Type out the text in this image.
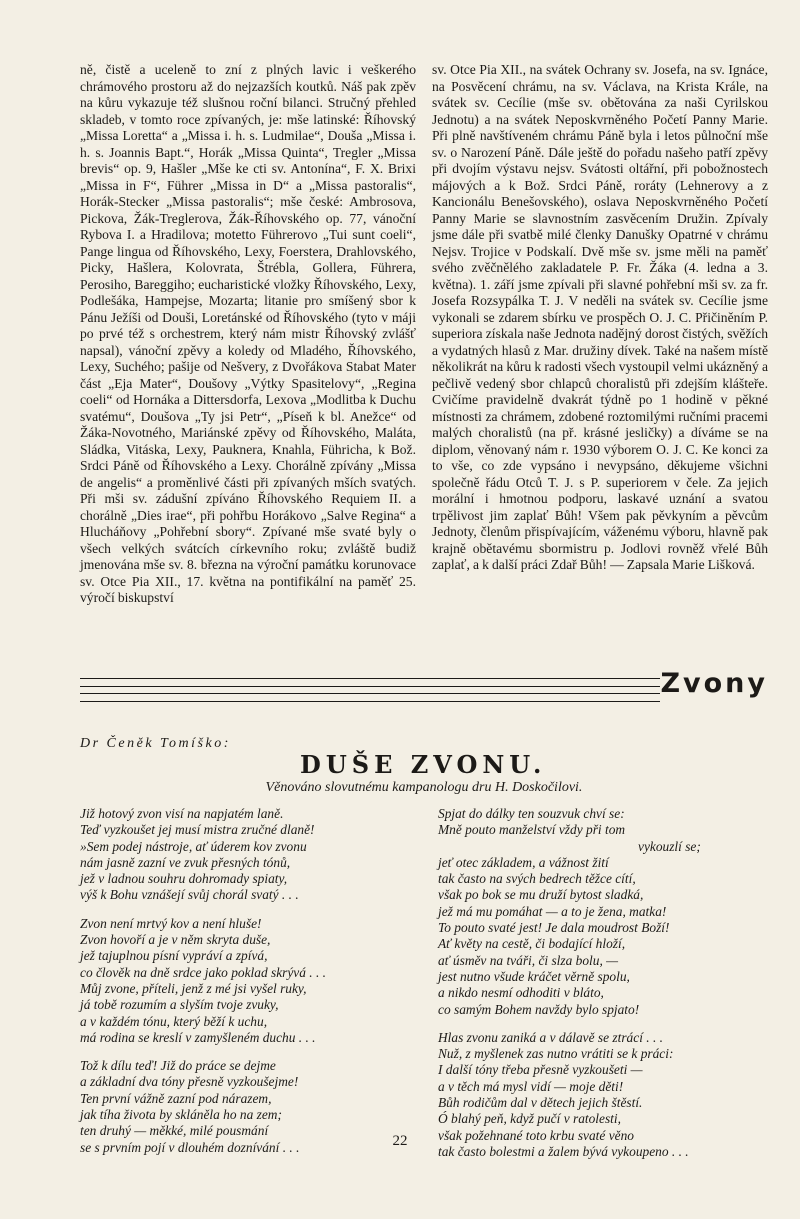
ně, čistě a uceleně to zní z plných lavic i veškerého chrámového prostoru až do nejzazších koutků. Náš pak zpěv na kůru vykazuje též slušnou roční bilanci. Stručný přehled skladeb, v tomto roce zpívaných, je: mše latinské: Říhovský „Missa Loretta“ a „Missa i. h. s. Ludmilae“, Douša „Missa i. h. s. Joannis Bapt.“, Horák „Missa Quinta“, Tregler „Missa brevis“ op. 9, Hašler „Mše ke cti sv. Antonína“, F. X. Brixi „Missa in F“, Führer „Missa in D“ a „Missa pastoralis“, Horák-Stecker „Missa pastoralis“; mše české: Ambrosova, Pickova, Žák-Treglerova, Žák-Říhovského op. 77, vánoční Rybova I. a Hradilova; motetto Führerovo „Tui sunt coeli“, Pange lingua od Říhovského, Lexy, Foerstera, Drahlovského, Picky, Hašlera, Kolovrata, Štrébla, Gollera, Führera, Perosiho, Bareggiho; eucharistické vložky Říhovského, Lexy, Podlešáka, Hampejse, Mozarta; litanie pro smíšený sbor k Pánu Ježíši od Douši, Loretánské od Říhovského (tyto v máji po prvé též s orchestrem, který nám mistr Říhovský zvlášť napsal), vánoční zpěvy a koledy od Mladého, Říhovského, Lexy, Suchého; pašije od Nešvery, z Dvořákova Stabat Mater část „Eja Mater“, Doušovy „Výtky Spasitelovy“, „Regina coeli“ od Hornáka a Dittersdorfa, Lexova „Modlitba k Duchu svatému“, Doušova „Ty jsi Petr“, „Píseň k bl. Anežce“ od Žáka-Novotného, Mariánské zpěvy od Říhovského, Maláta, Sládka, Vitáska, Lexy, Pauknera, Knahla, Führicha, k Bož. Srdci Páně od Říhovského a Lexy. Chorálně zpívány „Missa de angelis“ a proměnlivé části při zpívaných mších svatých. Při mši sv. zádušní zpíváno Říhovského Requiem II. a chorálně „Dies irae“, při pohřbu Horákovo „Salve Regina“ a Hlucháňovy „Pohřební sbory“. Zpívané mše svaté byly o všech velkých svátcích církevního roku; zvláště budiž jmenována mše sv. 8. března na výroční památku korunovace sv. Otce Pia XII., 17. května na pontifikální na paměť 25. výročí biskupství

sv. Otce Pia XII., na svátek Ochrany sv. Josefa, na sv. Ignáce, na Posvěcení chrámu, na sv. Václava, na Krista Krále, na svátek sv. Cecílie (mše sv. obětována za naši Cyrilskou Jednotu) a na svátek Neposkvrněného Početí Panny Marie. Při plně navštíveném chrámu Páně byla i letos půlnoční mše sv. o Narození Páně. Dále ještě do pořadu našeho patří zpěvy při dvojím výstavu nejsv. Svátosti oltářní, při pobožnostech májových a k Bož. Srdci Páně, roráty (Lehnerovy a z Kancionálu Benešovského), oslava Neposkvrněného Početí Panny Marie se slavnostním zasvěcením Družin. Zpívaly jsme dále při svatbě milé členky Danušky Opatrné v chrámu Nejsv. Trojice v Podskalí. Dvě mše sv. jsme měli na paměť svého zvěčnělého zakladatele P. Fr. Žáka (4. ledna a 3. května). 1. září jsme zpívali při slavné pohřební mši sv. za fr. Josefa Rozsypálka T. J. V neděli na svátek sv. Cecílie jsme vykonali se zdarem sbírku ve prospěch O. J. C. Přičiněním P. superiora získala naše Jednota nadějný dorost čistých, svěžích a vydatných hlasů z Mar. družiny dívek. Také na našem místě několikrát na kůru k radosti všech vystoupil velmi ukázněný a pečlivě vedený sbor chlapců choralistů při zdejším klášteře. Cvičíme pravidelně dvakrát týdně po 1 hodině v pěkné místnosti za chrámem, zdobené roztomilými ručními pracemi malých choralistů (na př. krásné jesličky) a díváme se na diplom, věnovaný nám r. 1930 výborem O. J. C. Ke konci za to vše, co zde vypsáno i nevypsáno, děkujeme všichni společně řádu Otců T. J. s P. superiorem v čele. Za jejich morální i hmotnou podporu, laskavé uznání a svatou trpělivost jim zaplať Bůh! Všem pak pěvkyním a pěvcům Jednoty, členům přispívajícím, váženému výboru, hlavně pak krajně obětavému sbormistru p. Jodlovi rovněž vřelé Bůh zaplať, a k další práci Zdař Bůh! — Zapsala Marie Lišková.

Zvony
Dr Čeněk Tomíško:
DUŠE ZVONU.
Věnováno slovutnému kampanologu dru H. Doskočilovi.
Již hotový zvon visí na napjatém laně.
Teď vyzkoušet jej musí mistra zručné dlaně!
»Sem podej nástroje, ať úderem kov zvonu
nám jasně zazní ve zvuk přesných tónů,
jež v ladnou souhru dohromady spiaty,
výš k Bohu vznášejí svůj chorál svatý . . .
Zvon není mrtvý kov a není hluše!
Zvon hovoří a je v něm skryta duše,
jež tajuplnou písní vypráví a zpívá,
co člověk na dně srdce jako poklad skrývá . . .
Můj zvone, příteli, jenž z mé jsi vyšel ruky,
já tobě rozumím a slyším tvoje zvuky,
a v každém tónu, který běží k uchu,
má rodina se kreslí v zamyšleném duchu . . .
Tož k dílu teď! Již do práce se dejme
a základní dva tóny přesně vyzkoušejme!
Ten první vážně zazní pod nárazem,
jak tíha života by skláněla ho na zem;
ten druhý — měkké, milé pousmání
se s prvním pojí v dlouhém doznívání . . .
Spjat do dálky ten souzvuk chví se:
Mně pouto manželství vždy při tom
vykouzlí se;
jeť otec základem, a vážnost žití
tak často na svých bedrech těžce cítí,
však po bok se mu druží bytost sladká,
jež má mu pomáhat — a to je žena, matka!
To pouto svaté jest! Je dala moudrost Boží!
Ať květy na cestě, či bodající hloží,
ať úsměv na tváři, či slza bolu, —
jest nutno všude kráčet věrně spolu,
a nikdo nesmí odhoditi v bláto,
co samým Bohem navždy bylo spjato!
Hlas zvonu zaniká a v dálavě se ztrácí . . .
Nuž, z myšlenek zas nutno vrátiti se k práci:
I další tóny třeba přesně vyzkoušeti —
a v těch má mysl vidí — moje děti!
Bůh rodičům dal v dětech jejich štěstí.
Ó blahý peň, když pučí v ratolesti,
však požehnané toto krbu svaté věno
tak často bolestmi a žalem bývá vykoupeno . . .
22
